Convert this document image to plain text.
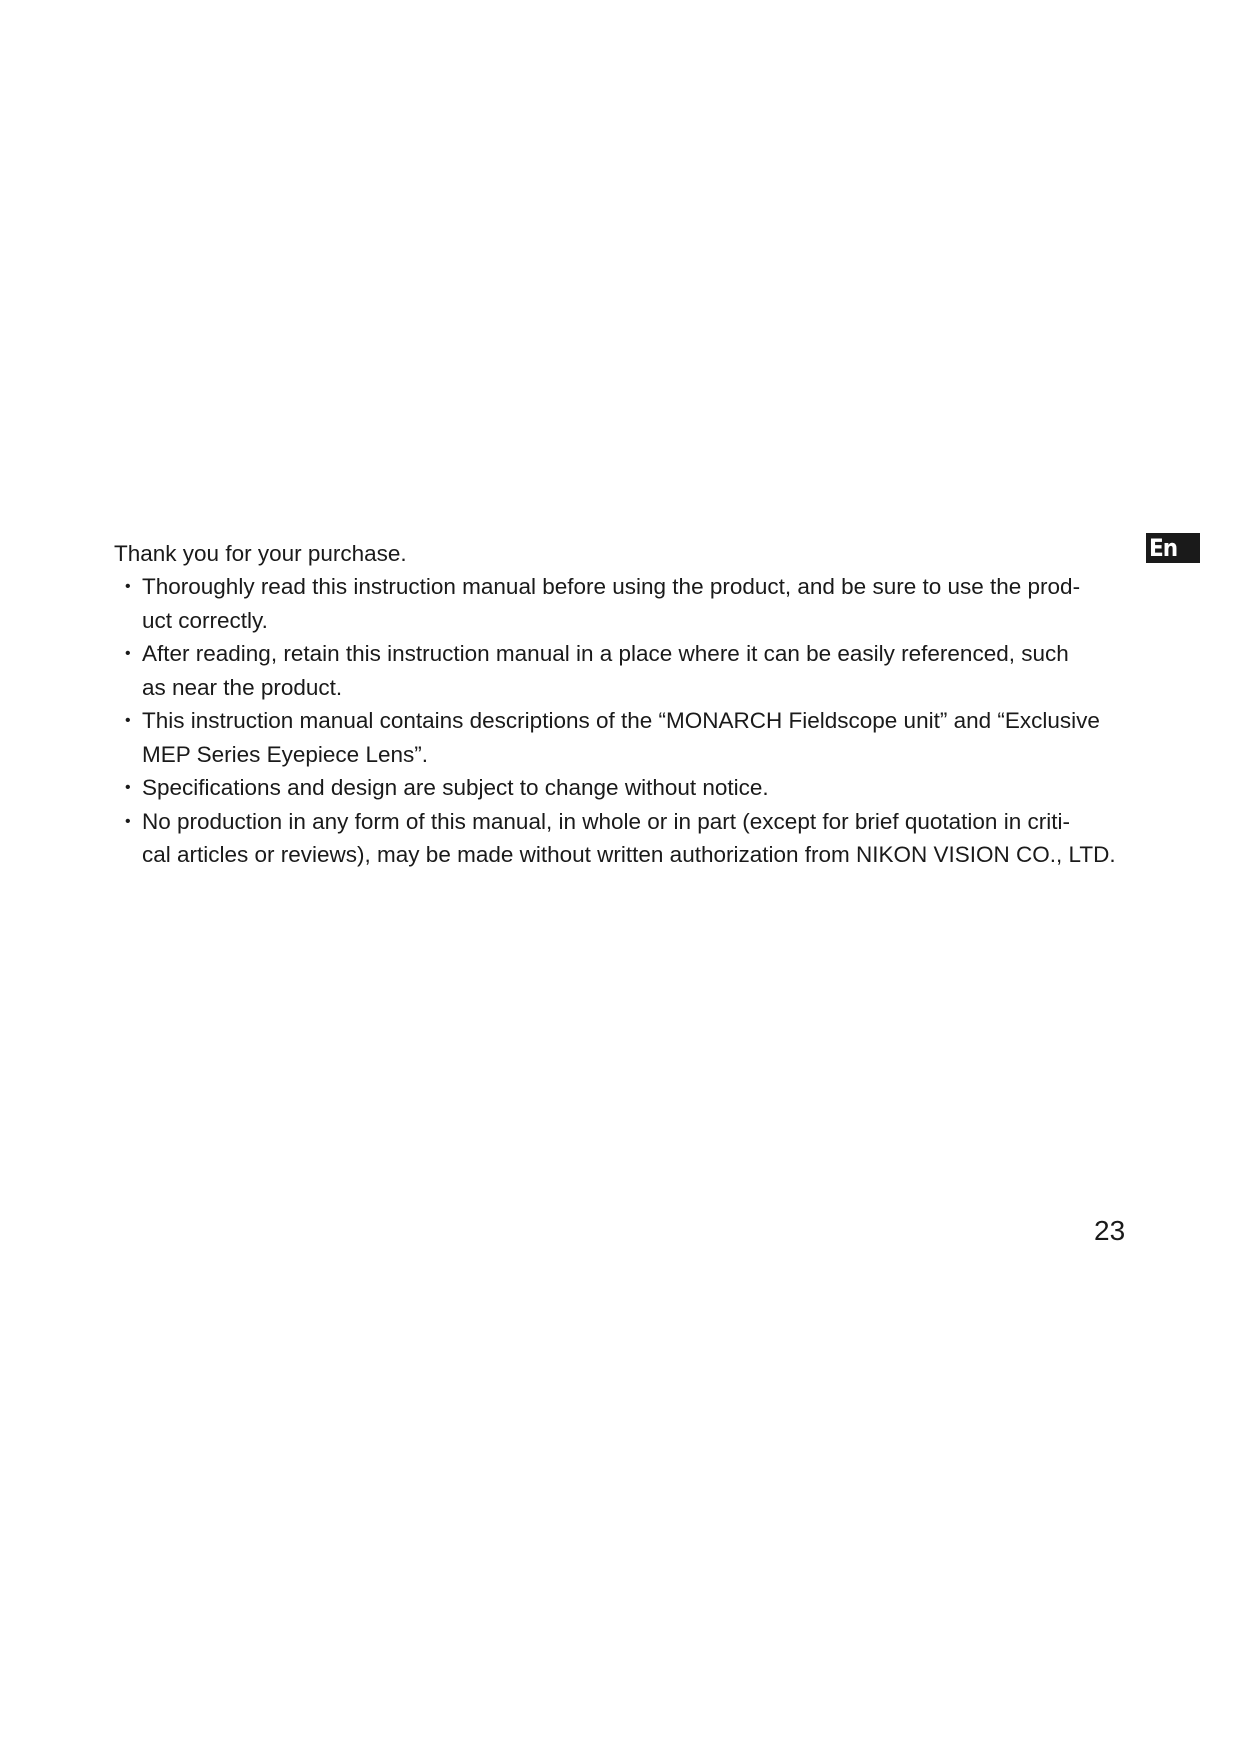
En

Thank you for your purchase.

• Thoroughly read this instruction manual before using the product, and be sure to use the prod-
uct correctly.
• After reading, retain this instruction manual in a place where it can be easily referenced, such
as near the product.
• This instruction manual contains descriptions of the “MONARCH Fieldscope unit” and “Exclusive
MEP Series Eyepiece Lens”.
• Specifications and design are subject to change without notice.
• No production in any form of this manual, in whole or in part (except for brief quotation in criti-
cal articles or reviews), may be made without written authorization from NIKON VISION CO., LTD.
23
